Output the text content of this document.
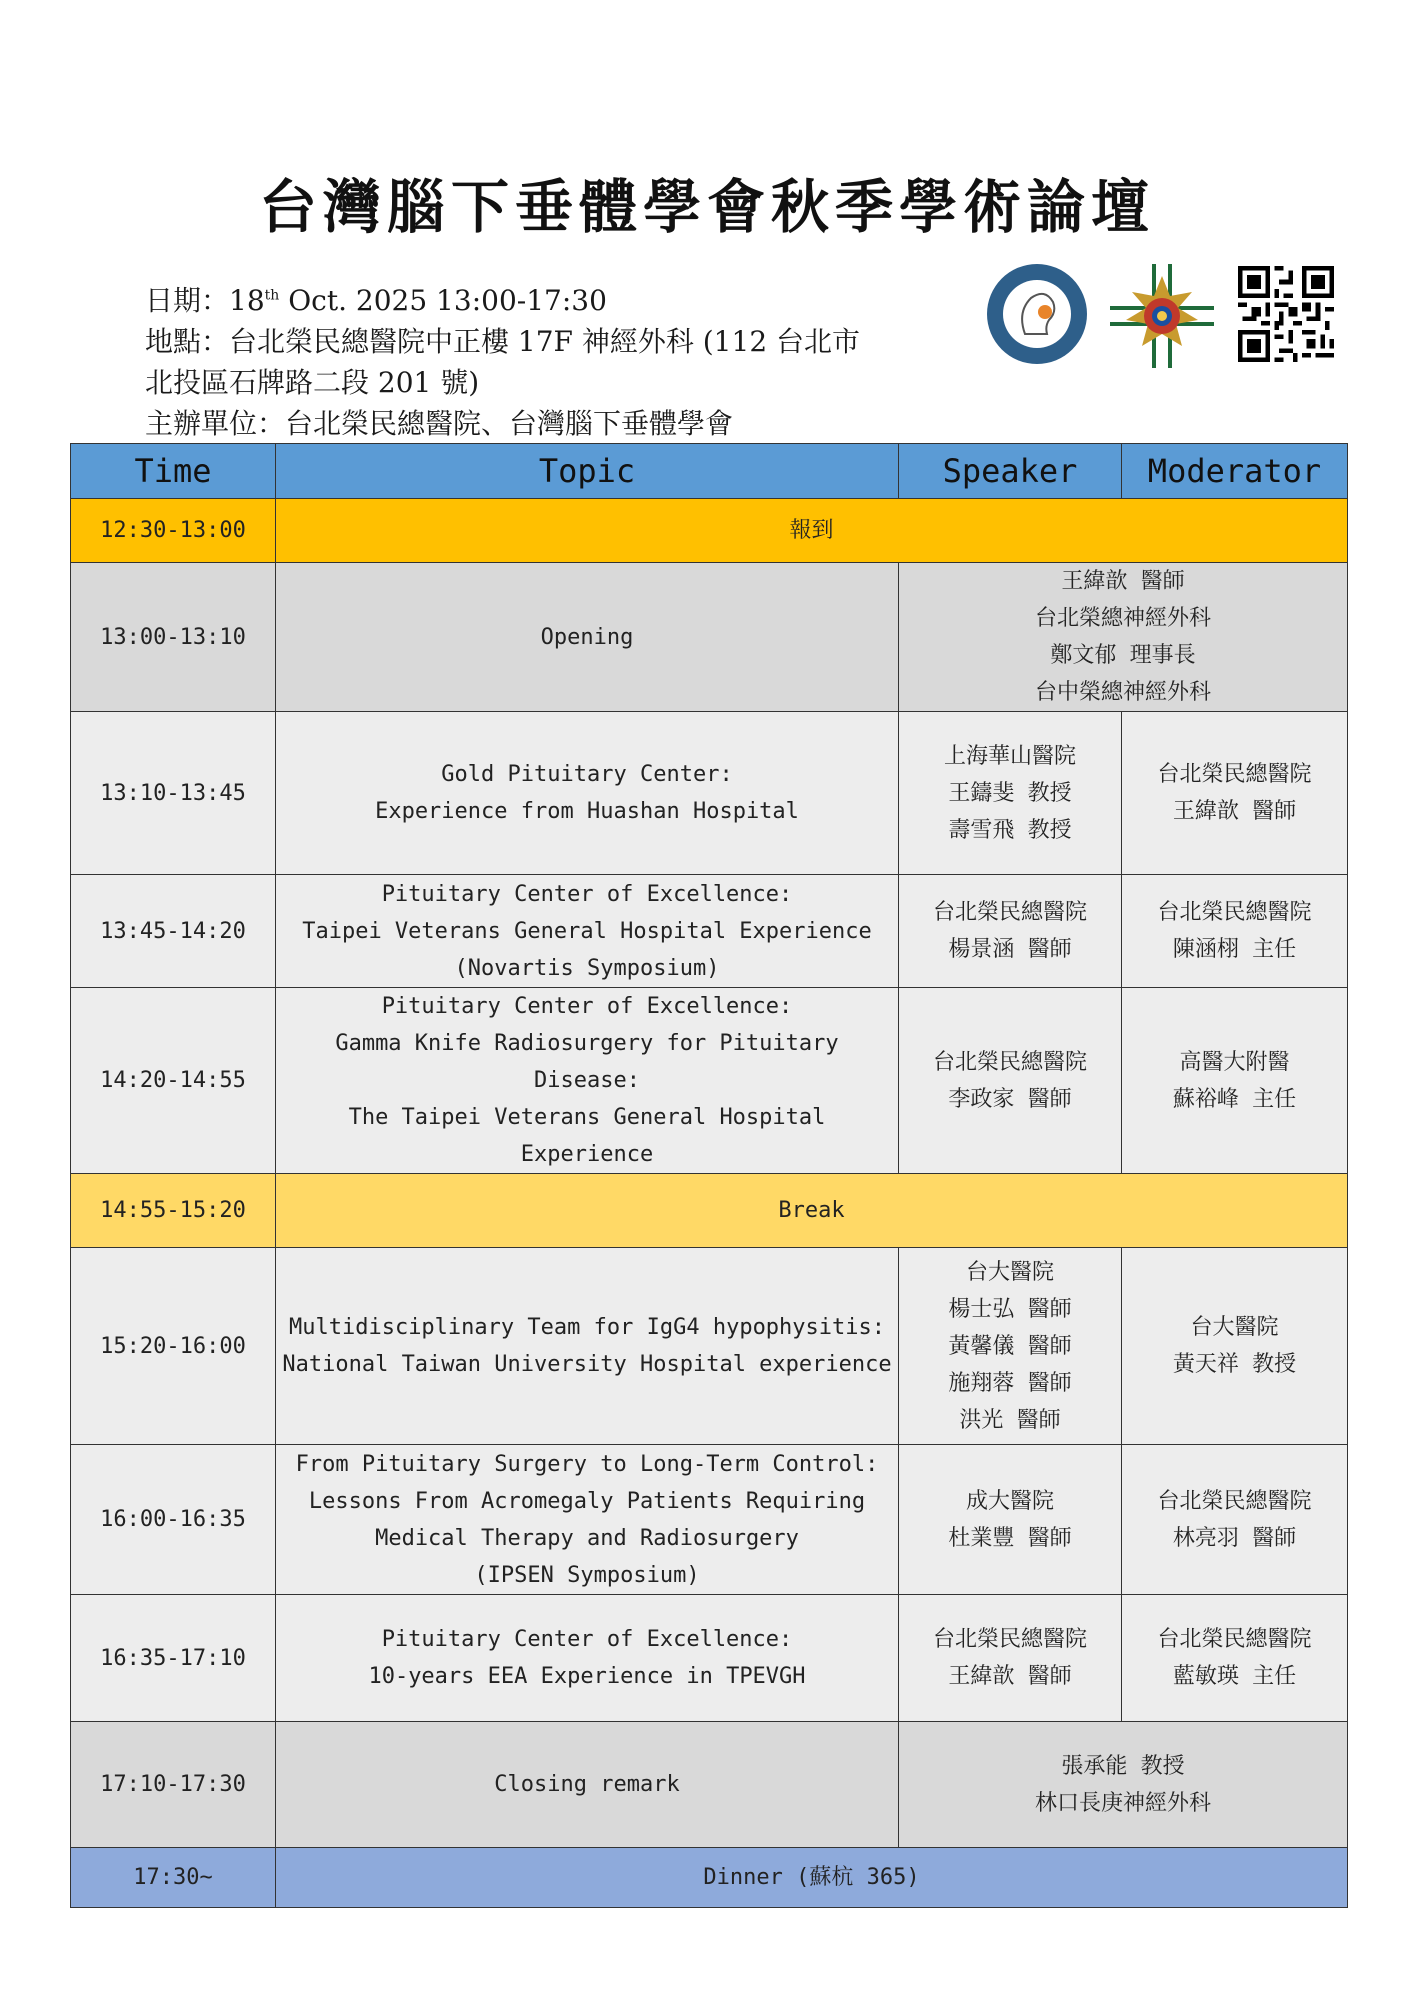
台灣腦下垂體學會秋季學術論壇
日期：18th Oct. 2025 13:00-17:30
地點：台北榮民總醫院中正樓 17F 神經外科 (112 台北市
北投區石牌路二段 201 號)
主辦單位：台北榮民總醫院、台灣腦下垂體學會
Time	Topic	Speaker	Moderator
12:30-13:00	報到		
13:00-13:10	Opening	王緯歆 醫師
台北榮總神經外科
鄭文郁 理事長
台中榮總神經外科	

13:10-13:45	Gold Pituitary Center:
Experience from Huashan Hospital	上海華山醫院
王鑄斐 教授
壽雪飛 教授	台北榮民總醫院
王緯歆 醫師

13:45-14:20	Pituitary Center of Excellence:
Taipei Veterans General Hospital Experience
(Novartis Symposium)	台北榮民總醫院
楊景涵 醫師	台北榮民總醫院
陳涵栩 主任

14:20-14:55	Pituitary Center of Excellence:
Gamma Knife Radiosurgery for Pituitary Disease:
The Taipei Veterans General Hospital Experience	台北榮民總醫院
李政家 醫師	高醫大附醫
蘇裕峰 主任

14:55-15:20	Break		
15:20-16:00	Multidisciplinary Team for IgG4 hypophysitis:
National Taiwan University Hospital experience	台大醫院
楊士弘 醫師
黃馨儀 醫師
施翔蓉 醫師
洪光 醫師	台大醫院
黃天祥 教授

16:00-16:35	From Pituitary Surgery to Long-Term Control:
Lessons From Acromegaly Patients Requiring
Medical Therapy and Radiosurgery
(IPSEN Symposium)	成大醫院
杜業豐 醫師	台北榮民總醫院
林亮羽 醫師

16:35-17:10	Pituitary Center of Excellence:
10-years EEA Experience in TPEVGH	台北榮民總醫院
王緯歆 醫師	台北榮民總醫院
藍敏瑛 主任

17:10-17:30	Closing remark	張承能 教授
林口長庚神經外科	

17:30~	Dinner (蘇杭 365)		
